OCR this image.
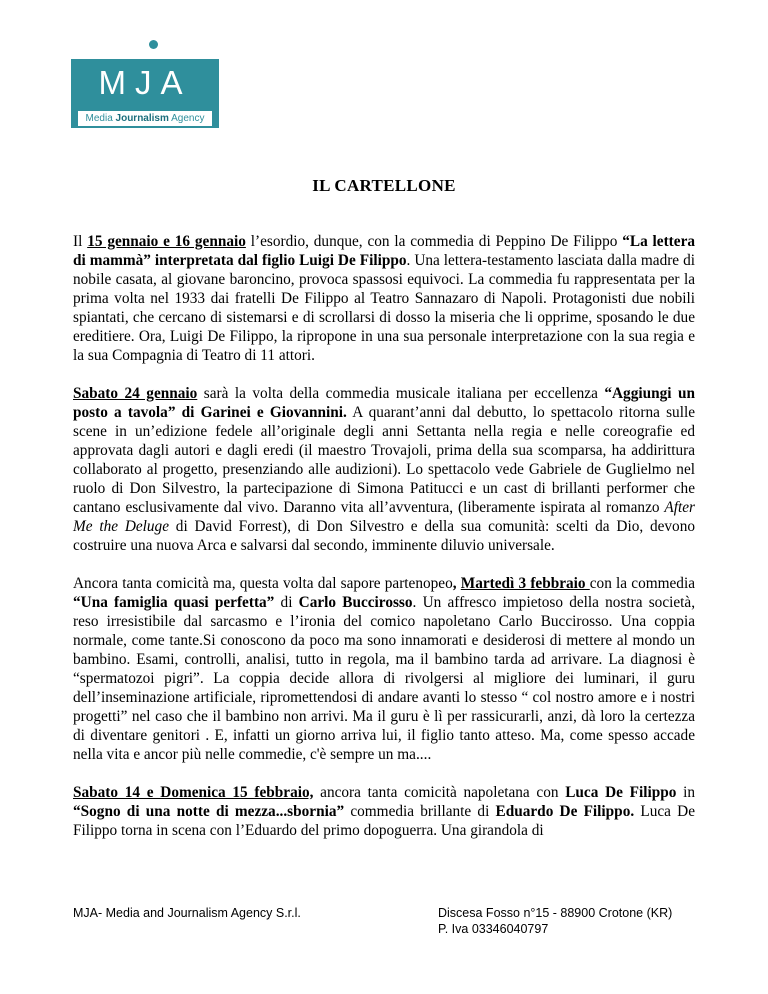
MJA
Media Journalism Agency
IL CARTELLONE

Il 15 gennaio e 16 gennaio l’esordio, dunque, con la commedia di Peppino De Filippo “La lettera di mammà” interpretata dal figlio Luigi De Filippo. Una lettera-testamento lasciata dalla madre di nobile casata, al giovane baroncino, provoca spassosi equivoci. La commedia fu rappresentata per la prima volta nel 1933 dai fratelli De Filippo al Teatro Sannazaro di Napoli. Protagonisti due nobili spiantati, che cercano di sistemarsi e di scrollarsi di dosso la miseria che li opprime, sposando le due ereditiere. Ora, Luigi De Filippo, la ripropone in una sua personale interpretazione con la sua regia e la sua Compagnia di Teatro di 11 attori.

Sabato 24 gennaio sarà la volta della commedia musicale italiana per eccellenza “Aggiungi un posto a tavola” di Garinei e Giovannini. A quarant’anni dal debutto, lo spettacolo ritorna sulle scene in un’edizione fedele all’originale degli anni Settanta nella regia e nelle coreografie ed approvata dagli autori e dagli eredi (il maestro Trovajoli, prima della sua scomparsa, ha addirittura collaborato al progetto, presenziando alle audizioni). Lo spettacolo vede Gabriele de Guglielmo nel ruolo di Don Silvestro, la partecipazione di Simona Patitucci e un cast di brillanti performer che cantano esclusivamente dal vivo. Daranno vita all’avventura, (liberamente ispirata al romanzo After Me the Deluge di David Forrest), di Don Silvestro e della sua comunità: scelti da Dio, devono costruire una nuova Arca e salvarsi dal secondo, imminente diluvio universale.

Ancora tanta comicità ma, questa volta dal sapore partenopeo, Martedì 3 febbraio con la commedia “Una famiglia quasi perfetta” di Carlo Buccirosso. Un affresco impietoso della nostra società, reso irresistibile dal sarcasmo e l’ironia del comico napoletano Carlo Buccirosso. Una coppia normale, come tante.Si conoscono da poco ma sono innamorati e desiderosi di mettere al mondo un bambino. Esami, controlli, analisi, tutto in regola, ma il bambino tarda ad arrivare. La diagnosi è “spermatozoi pigri”. La coppia decide allora di rivolgersi al migliore dei luminari, il guru dell’inseminazione artificiale, ripromettendosi di andare avanti lo stesso “ col nostro amore e i nostri progetti” nel caso che il bambino non arrivi. Ma il guru è lì per rassicurarli, anzi, dà loro la certezza di diventare genitori . E, infatti un giorno arriva lui, il figlio tanto atteso. Ma, come spesso accade nella vita e ancor più nelle commedie, c'è sempre un ma....

Sabato 14 e Domenica 15 febbraio, ancora tanta comicità napoletana con Luca De Filippo in “Sogno di una notte di mezza...sbornia” commedia brillante di Eduardo De Filippo. Luca De Filippo torna in scena con l’Eduardo del primo dopoguerra. Una girandola di

MJA- Media and Journalism Agency S.r.l.	Discesa Fosso n°15 - 88900 Crotone (KR)
P. Iva 03346040797
